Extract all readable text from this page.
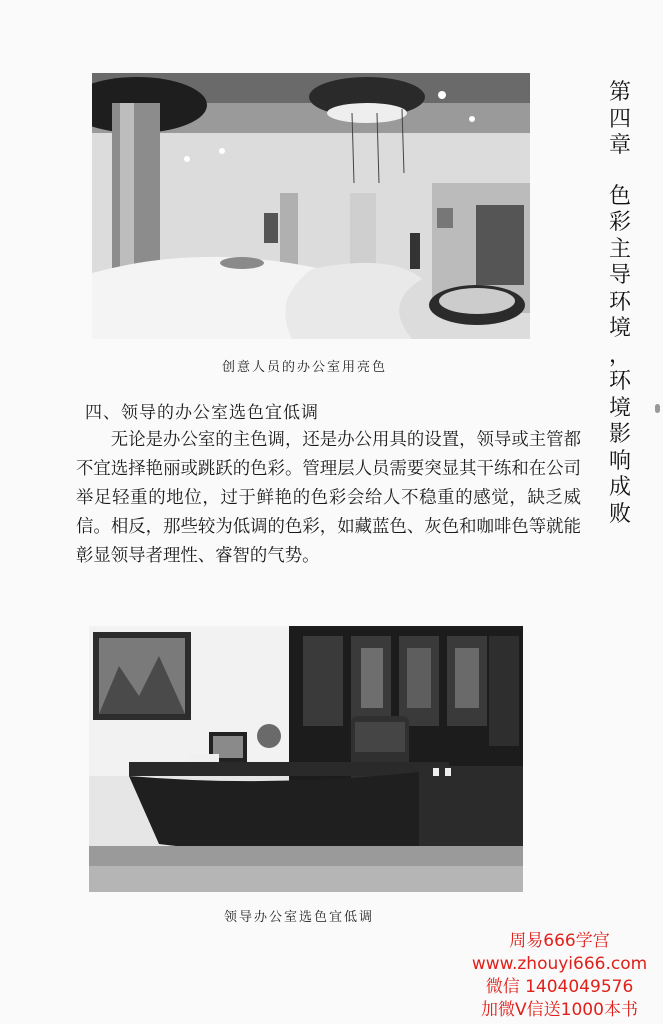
创意人员的办公室用亮色
四、领导的办公室选色宜低调
无论是办公室的主色调，还是办公用具的设置，领导或主管都不宜选择艳丽或跳跃的色彩。管理层人员需要突显其干练和在公司举足轻重的地位，过于鲜艳的色彩会给人不稳重的感觉，缺乏威信。相反，那些较为低调的色彩，如藏蓝色、灰色和咖啡色等就能彰显领导者理性、睿智的气势。
领导办公室选色宜低调
第
四
章
色
彩
主
导
环
境
，
环
境
影
响
成
败
周易666学宫
www.zhouyi666.com
微信 1404049576
加微V信送1000本书
